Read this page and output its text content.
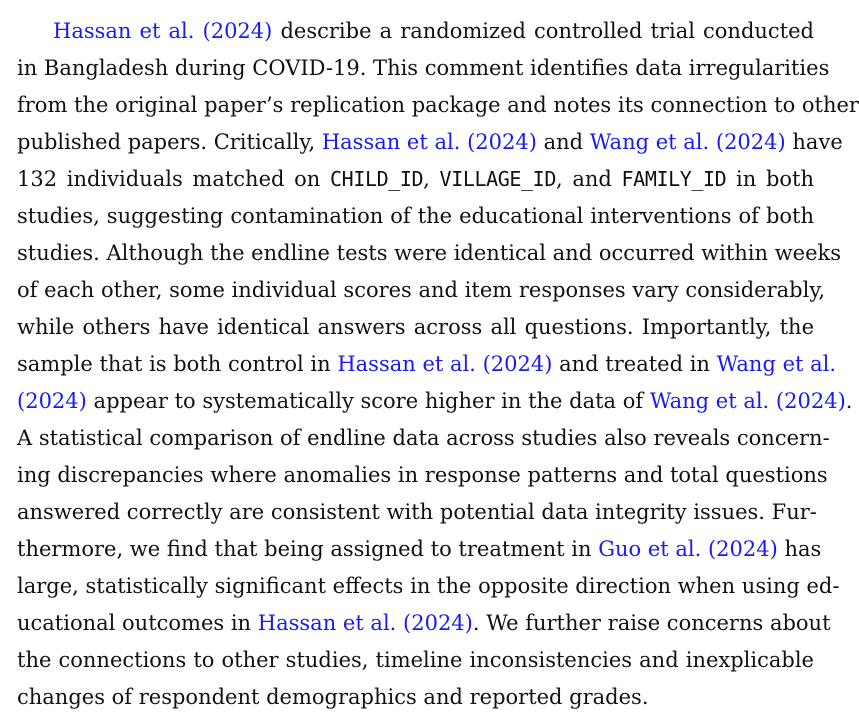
Hassan et al. (2024) describe a randomized controlled trial conducted
in Bangladesh during COVID-19. This comment identifies data irregularities
from the original paper’s replication package and notes its connection to other
published papers. Critically, Hassan et al. (2024) and Wang et al. (2024) have
132 individuals matched on CHILD_ID, VILLAGE_ID, and FAMILY_ID in both
studies, suggesting contamination of the educational interventions of both
studies. Although the endline tests were identical and occurred within weeks
of each other, some individual scores and item responses vary considerably,
while others have identical answers across all questions. Importantly, the
sample that is both control in Hassan et al. (2024) and treated in Wang et al.
(2024) appear to systematically score higher in the data of Wang et al. (2024).
A statistical comparison of endline data across studies also reveals concern-
ing discrepancies where anomalies in response patterns and total questions
answered correctly are consistent with potential data integrity issues. Fur-
thermore, we find that being assigned to treatment in Guo et al. (2024) has
large, statistically significant effects in the opposite direction when using ed-
ucational outcomes in Hassan et al. (2024). We further raise concerns about
the connections to other studies, timeline inconsistencies and inexplicable
changes of respondent demographics and reported grades.
